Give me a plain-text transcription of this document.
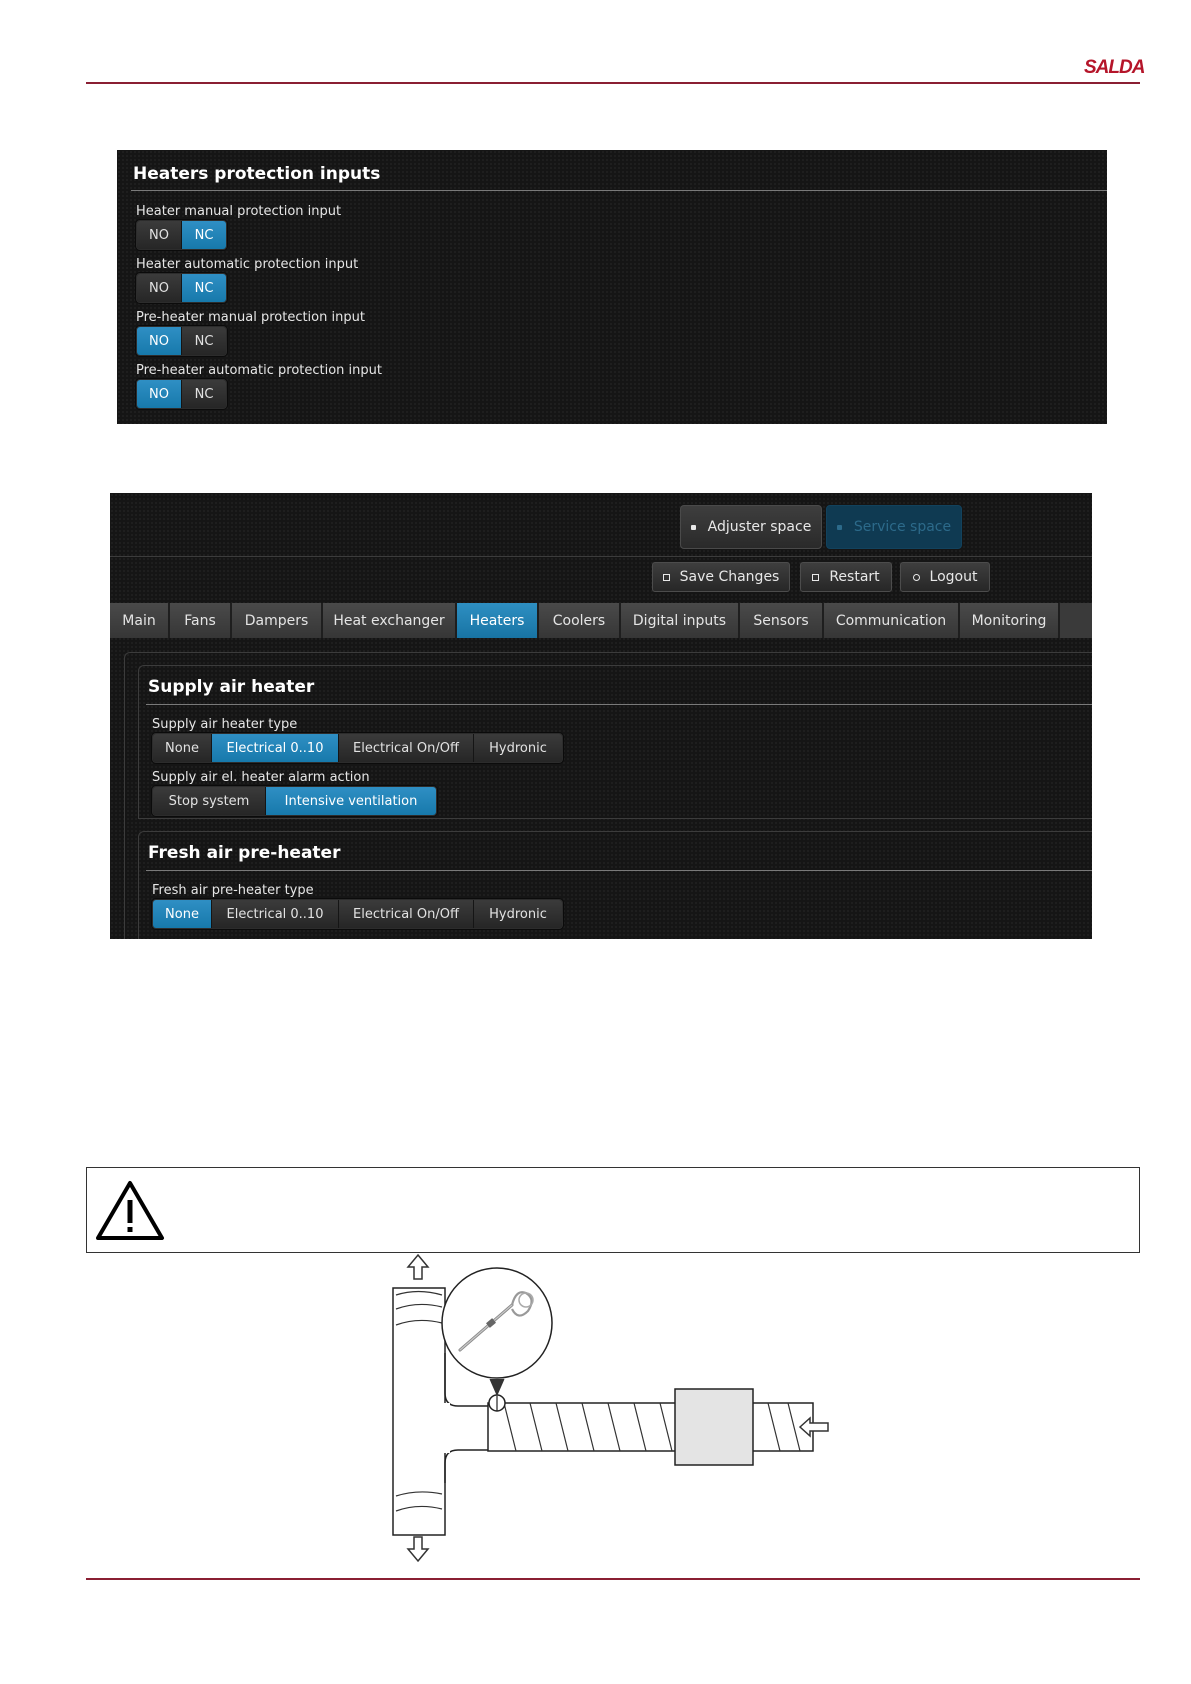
SALDA
Heaters protection inputs
Heater manual protection input
NO	NC
Heater automatic protection input
NO	NC
Pre-heater manual protection input
NO	NC
Pre-heater automatic protection input
NO	NC
Adjuster space	Service space
Save Changes	Restart	Logout
Main	Fans	Dampers	Heat exchanger	Heaters	Coolers	Digital inputs	Sensors	Communication	Monitoring
Supply air heater
Supply air heater type
None	Electrical 0..10	Electrical On/Off	Hydronic
Supply air el. heater alarm action
Stop system	Intensive ventilation
Fresh air pre-heater
Fresh air pre-heater type
None	Electrical 0..10	Electrical On/Off	Hydronic
